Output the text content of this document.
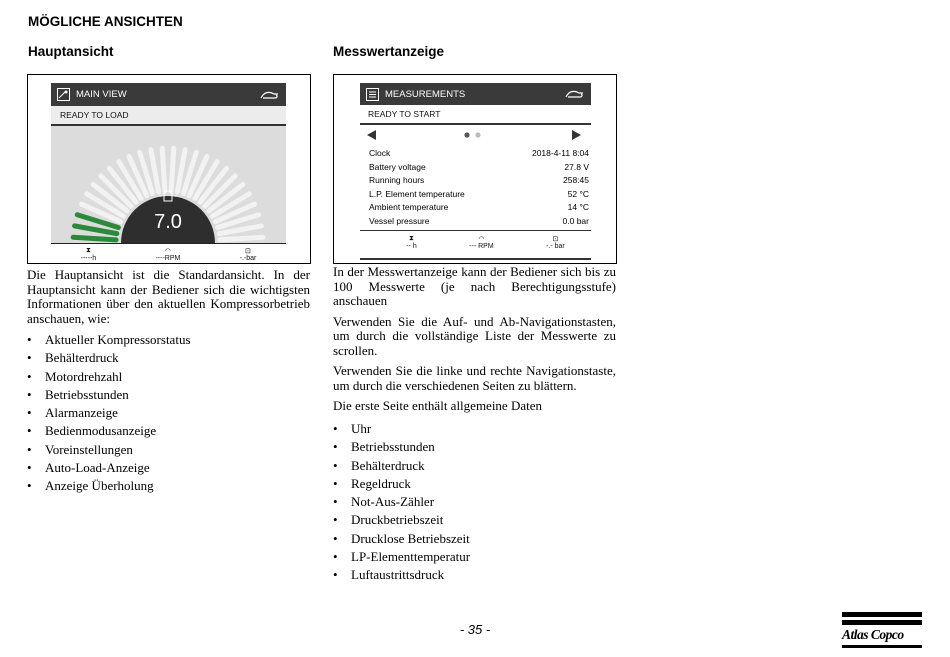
MÖGLICHE ANSICHTEN
Hauptansicht
MAIN VIEW
READY TO LOAD
7.0
⧗
-----h
◠
----RPM
⊡
-.-bar

Die Hauptansicht ist die Standardansicht. In der Hauptansicht kann der Bediener sich die wichtigsten Informationen über den aktuellen Kompressorbetrieb anschauen, wie:

• Aktueller Kompressorstatus
• Behälterdruck
• Motordrehzahl
• Betriebsstunden
• Alarmanzeige
• Bedienmodusanzeige
• Voreinstellungen
• Auto-Load-Anzeige
• Anzeige Überholung
Messwertanzeige
MEASUREMENTS
READY TO START
Clock	2018-4-11 8:04
Battery voltage	27.8 V
Running hours	258:45
L.P. Element temperature	52 °C
Ambient temperature	14 °C
Vessel pressure	0.0 bar
⧗
-- h
◠
--- RPM
⊡
-.- bar

In der Messwertanzeige kann der Bediener sich bis zu 100 Messwerte (je nach Berechtigungsstufe) anschauen

Verwenden Sie die Auf- und Ab-Navigationstasten, um durch die vollständige Liste der Messwerte zu scrollen.

Verwenden Sie die linke und rechte Navigationstaste, um durch die verschiedenen Seiten zu blättern.

Die erste Seite enthält allgemeine Daten

• Uhr
• Betriebsstunden
• Behälterdruck
• Regeldruck
• Not-Aus-Zähler
• Druckbetriebszeit
• Drucklose Betriebszeit
• LP-Elementtemperatur
• Luftaustrittsdruck
- 35 -	Atlas Copco
